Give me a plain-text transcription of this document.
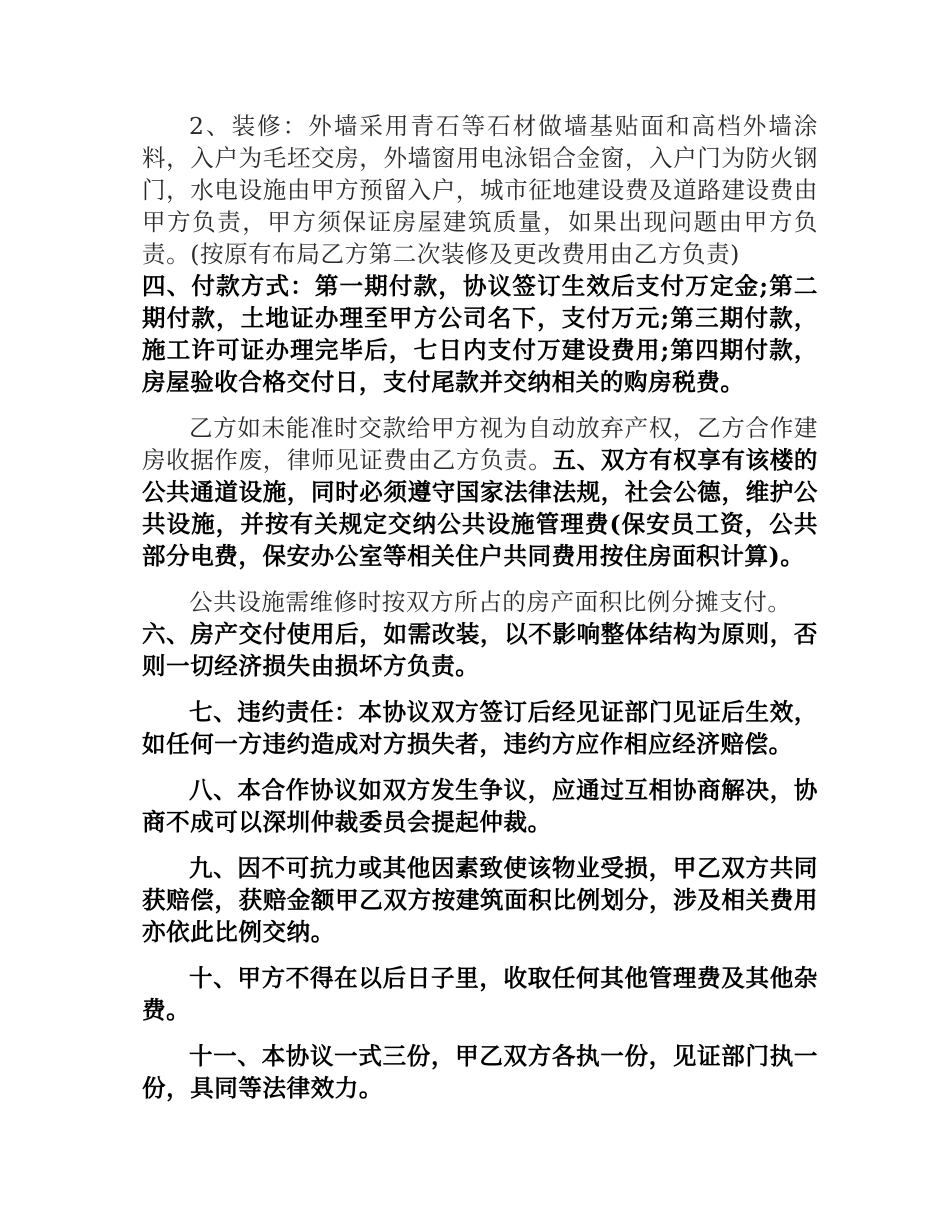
2、装修：外墙采用青石等石材做墙基贴面和高档外墙涂料，入户为毛坯交房，外墙窗用电泳铝合金窗，入户门为防火钢门，水电设施由甲方预留入户，城市征地建设费及道路建设费由甲方负责，甲方须保证房屋建筑质量，如果出现问题由甲方负责。(按原有布局乙方第二次装修及更改费用由乙方负责)
四、付款方式：第一期付款，协议签订生效后支付万定金;第二期付款，土地证办理至甲方公司名下，支付万元;第三期付款，施工许可证办理完毕后，七日内支付万建设费用;第四期付款，房屋验收合格交付日，支付尾款并交纳相关的购房税费。

乙方如未能准时交款给甲方视为自动放弃产权，乙方合作建房收据作废，律师见证费由乙方负责。五、双方有权享有该楼的公共通道设施，同时必须遵守国家法律法规，社会公德，维护公共设施，并按有关规定交纳公共设施管理费(保安员工资，公共部分电费，保安办公室等相关住户共同费用按住房面积计算)。

公共设施需维修时按双方所占的房产面积比例分摊支付。
六、房产交付使用后，如需改装，以不影响整体结构为原则，否则一切经济损失由损坏方负责。

七、违约责任：本协议双方签订后经见证部门见证后生效，如任何一方违约造成对方损失者，违约方应作相应经济赔偿。

八、本合作协议如双方发生争议，应通过互相协商解决，协商不成可以深圳仲裁委员会提起仲裁。

九、因不可抗力或其他因素致使该物业受损，甲乙双方共同获赔偿，获赔金额甲乙双方按建筑面积比例划分，涉及相关费用亦依此比例交纳。

十、甲方不得在以后日子里，收取任何其他管理费及其他杂费。

十一、本协议一式三份，甲乙双方各执一份，见证部门执一份，具同等法律效力。
